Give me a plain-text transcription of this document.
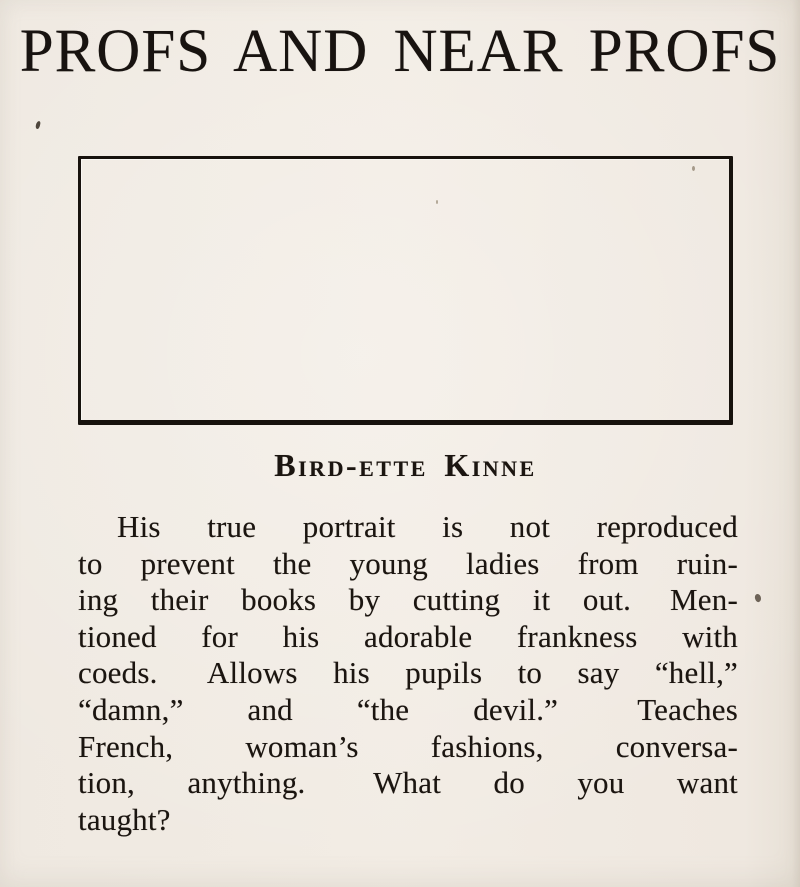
PROFS AND NEAR PROFS
Bird-ette Kinne
His true portrait is not reproduced
to prevent the young ladies from ruin-
ing their books by cutting it out.  Men-
tioned for his adorable frankness with
coeds.  Allows his pupils to say “hell,”
“damn,” and “the devil.”  Teaches
French, woman’s fashions, conversa-
tion, anything.  What do you want
taught?
